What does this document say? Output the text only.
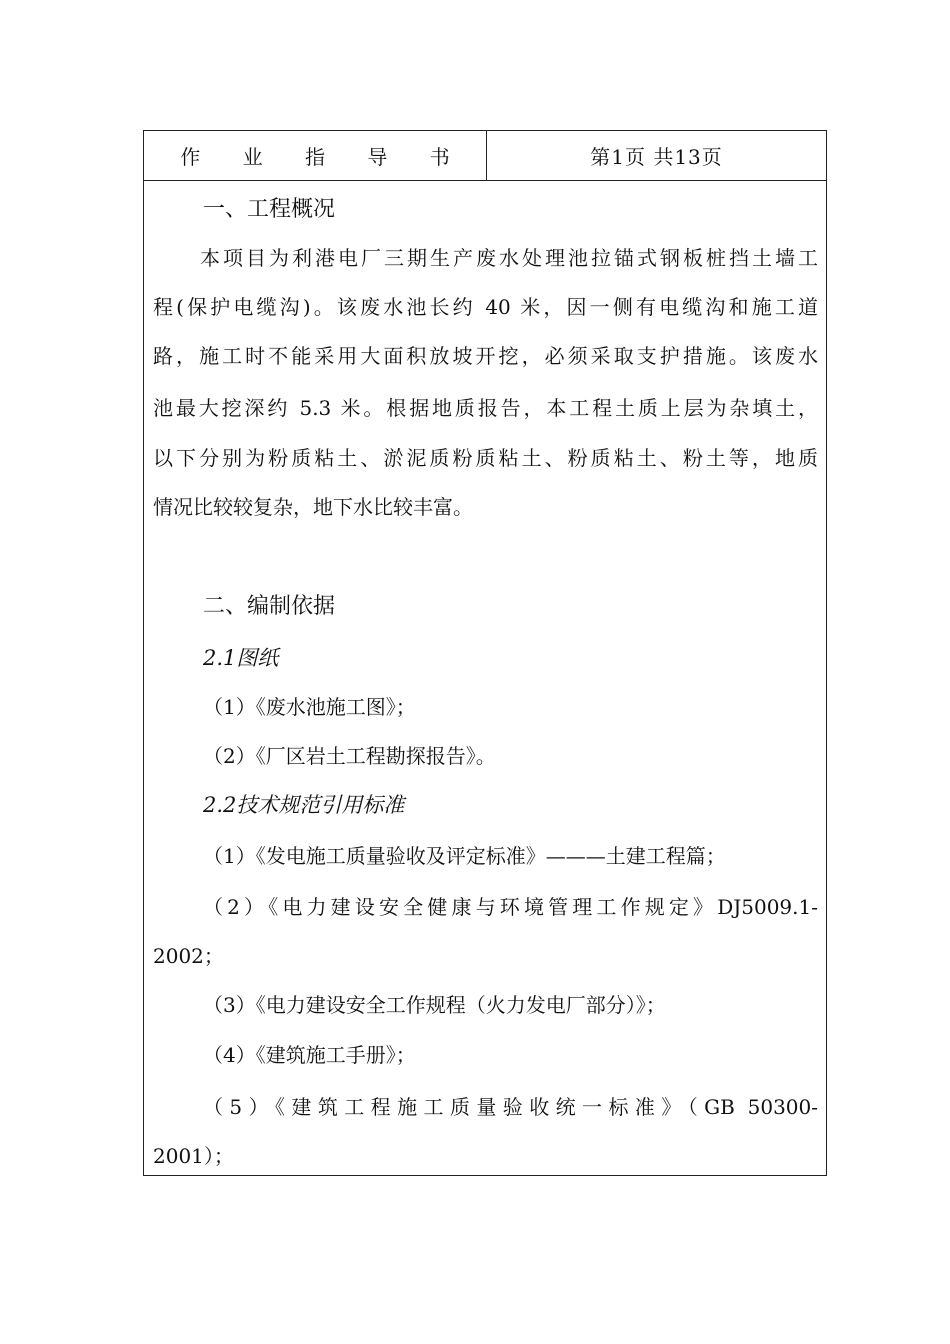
作 业 指 导 书	第1页 共13页
一、工程概况
本项目为利港电厂三期生产废水处理池拉锚式钢板桩挡土墙工
程(保护电缆沟)。该废水池长约 40 米，因一侧有电缆沟和施工道
路，施工时不能采用大面积放坡开挖，必须采取支护措施。该废水
池最大挖深约 5.3 米。根据地质报告，本工程土质上层为杂填土，
以下分别为粉质粘土、淤泥质粉质粘土、粉质粘土、粉土等，地质
情况比较较复杂，地下水比较丰富。
二、编制依据
2.1图纸
（1）《废水池施工图》；
（2）《厂区岩土工程勘探报告》。
2.2技术规范引用标准
（1）《发电施工质量验收及评定标准》———土建工程篇；
（2）《电力建设安全健康与环境管理工作规定》DJ5009.1-
2002；
（3）《电力建设安全工作规程（火力发电厂部分）》；
（4）《建筑施工手册》；
（5）《建筑工程施工质量验收统一标准》（GB 50300-
2001）；
